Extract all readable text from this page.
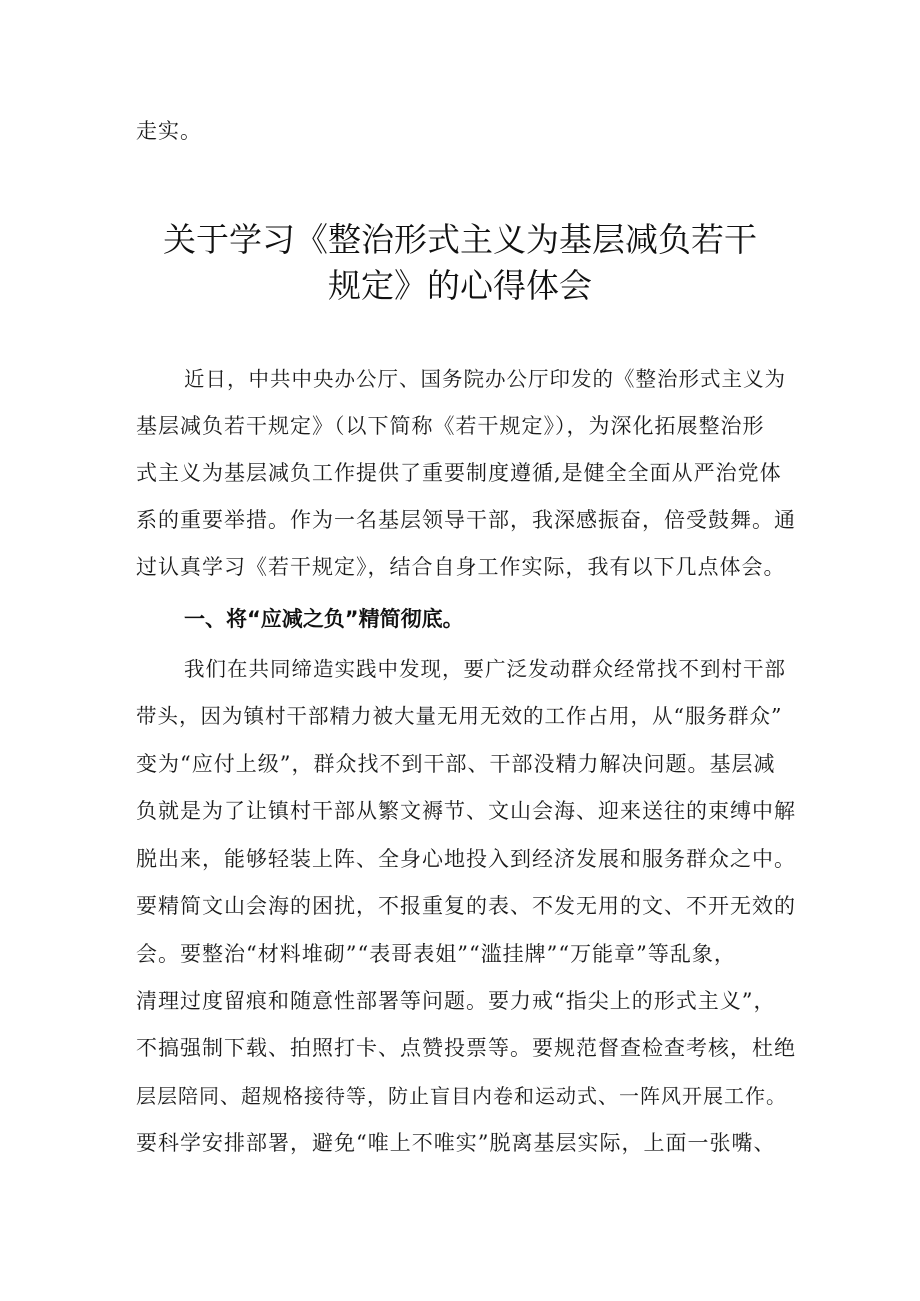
走实。
关于学习《整治形式主义为基层减负若干
规定》的心得体会
近日，中共中央办公厅、国务院办公厅印发的《整治形式主义为
基层减负若干规定》（以下简称《若干规定》），为深化拓展整治形
式主义为基层减负工作提供了重要制度遵循,是健全全面从严治党体
系的重要举措。作为一名基层领导干部，我深感振奋，倍受鼓舞。通
过认真学习《若干规定》，结合自身工作实际，我有以下几点体会。
一、将“应减之负”精简彻底。
我们在共同缔造实践中发现，要广泛发动群众经常找不到村干部
带头，因为镇村干部精力被大量无用无效的工作占用，从“服务群众”
变为“应付上级”，群众找不到干部、干部没精力解决问题。基层减
负就是为了让镇村干部从繁文褥节、文山会海、迎来送往的束缚中解
脱出来，能够轻装上阵、全身心地投入到经济发展和服务群众之中。
要精简文山会海的困扰，不报重复的表、不发无用的文、不开无效的
会。要整治“材料堆砌”“表哥表姐”“滥挂牌”“万能章”等乱象，
清理过度留痕和随意性部署等问题。要力戒“指尖上的形式主义”，
不搞强制下载、拍照打卡、点赞投票等。要规范督查检查考核，杜绝
层层陪同、超规格接待等，防止盲目内卷和运动式、一阵风开展工作。
要科学安排部署，避免“唯上不唯实”脱离基层实际，上面一张嘴、
